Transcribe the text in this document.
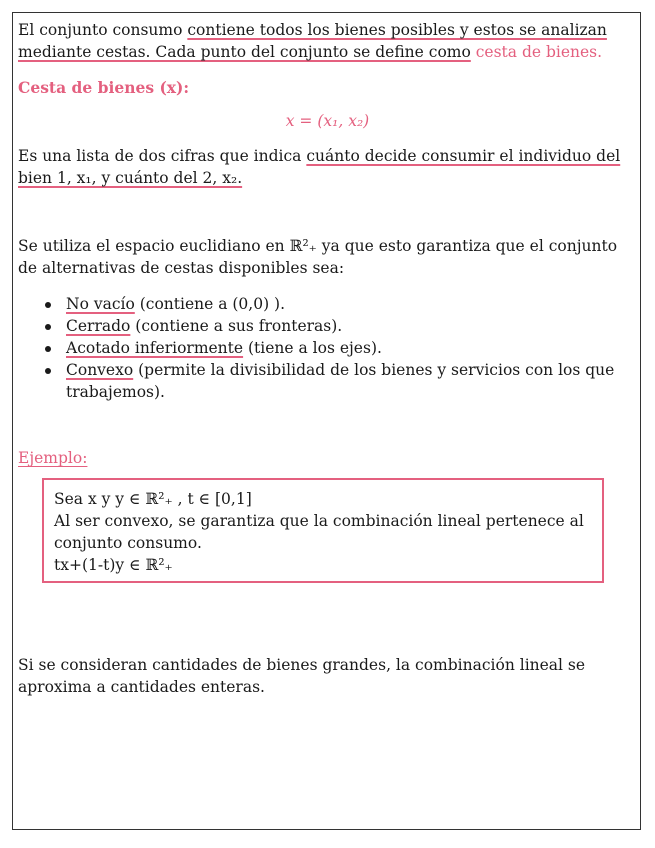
El conjunto consumo contiene todos los bienes posibles y estos se analizan mediante cestas. Cada punto del conjunto se define como cesta de bienes.
Cesta de bienes (x):
x = (x₁, x₂)
Es una lista de dos cifras que indica cuánto decide consumir el individuo del bien 1, x₁, y cuánto del 2, x₂.
Se utiliza el espacio euclidiano en ℝ²₊ ya que esto garantiza que el conjunto de alternativas de cestas disponibles sea:
No vacío (contiene a (0,0) ).
Cerrado (contiene a sus fronteras).
Acotado inferiormente (tiene a los ejes).
Convexo (permite la divisibilidad de los bienes y servicios con los que trabajemos).
Ejemplo:
Sea x y y ∈ ℝ²₊ , t ∈ [0,1]
Al ser convexo, se garantiza que la combinación lineal pertenece al conjunto consumo.
tx+(1-t)y ∈ ℝ²₊
Si se consideran cantidades de bienes grandes, la combinación lineal se aproxima a cantidades enteras.
